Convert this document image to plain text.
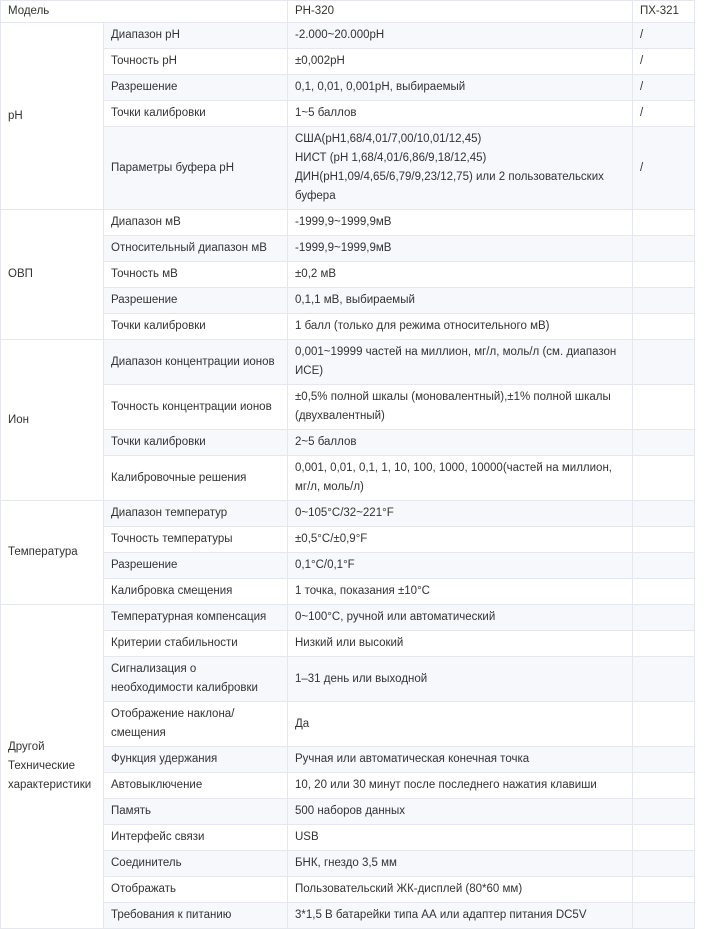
Модель		PH-320	ПХ-321
pH	Диапазон pH	-2.000~20.000pH	/
	Точность pH	±0,002pH	/
	Разрешение	0,1, 0,01, 0,001pH, выбираемый	/
	Точки калибровки	1~5 баллов	/
	Параметры буфера pH	США(pH1,68/4,01/7,00/10,01/12,45)
НИСТ (pH 1,68/4,01/6,86/9,18/12,45)
ДИН(pH1,09/4,65/6,79/9,23/12,75) или 2 пользовательских буфера	/
ОВП	Диапазон мВ	-1999,9~1999,9мВ	
	Относительный диапазон мВ	-1999,9~1999,9мВ	
	Точность мВ	±0,2 мВ	
	Разрешение	0,1,1 мВ, выбираемый	
	Точки калибровки	1 балл (только для режима относительного мВ)	
Ион	Диапазон концентрации ионов	0,001~19999 частей на миллион, мг/л, моль/л (см. диапазон ИСЕ)	
	Точность концентрации ионов	±0,5% полной шкалы (моновалентный),±1% полной шкалы (двухвалентный)	
	Точки калибровки	2~5 баллов	
	Калибровочные решения	0,001, 0,01, 0,1, 1, 10, 100, 1000, 10000(частей на миллион, мг/л, моль/л)	
Температура	Диапазон температур	0~105°C/32~221°F	
	Точность температуры	±0,5°C/±0,9°F	
	Разрешение	0,1°C/0,1°F	
	Калибровка смещения	1 точка, показания ±10°C	
Другой Технические характеристики	Температурная компенсация	0~100°C, ручной или автоматический	
	Критерии стабильности	Низкий или высокий	
	Сигнализация о необходимости калибровки	1–31 день или выходной	
	Отображение наклона/смещения	Да	
	Функция удержания	Ручная или автоматическая конечная точка	
	Автовыключение	10, 20 или 30 минут после последнего нажатия клавиши	
	Память	500 наборов данных	
	Интерфейс связи	USB	
	Соединитель	БНК, гнездо 3,5 мм	
	Отображать	Пользовательский ЖК-дисплей (80*60 мм)	
	Требования к питанию	3*1,5 В батарейки типа АА или адаптер питания DC5V	
